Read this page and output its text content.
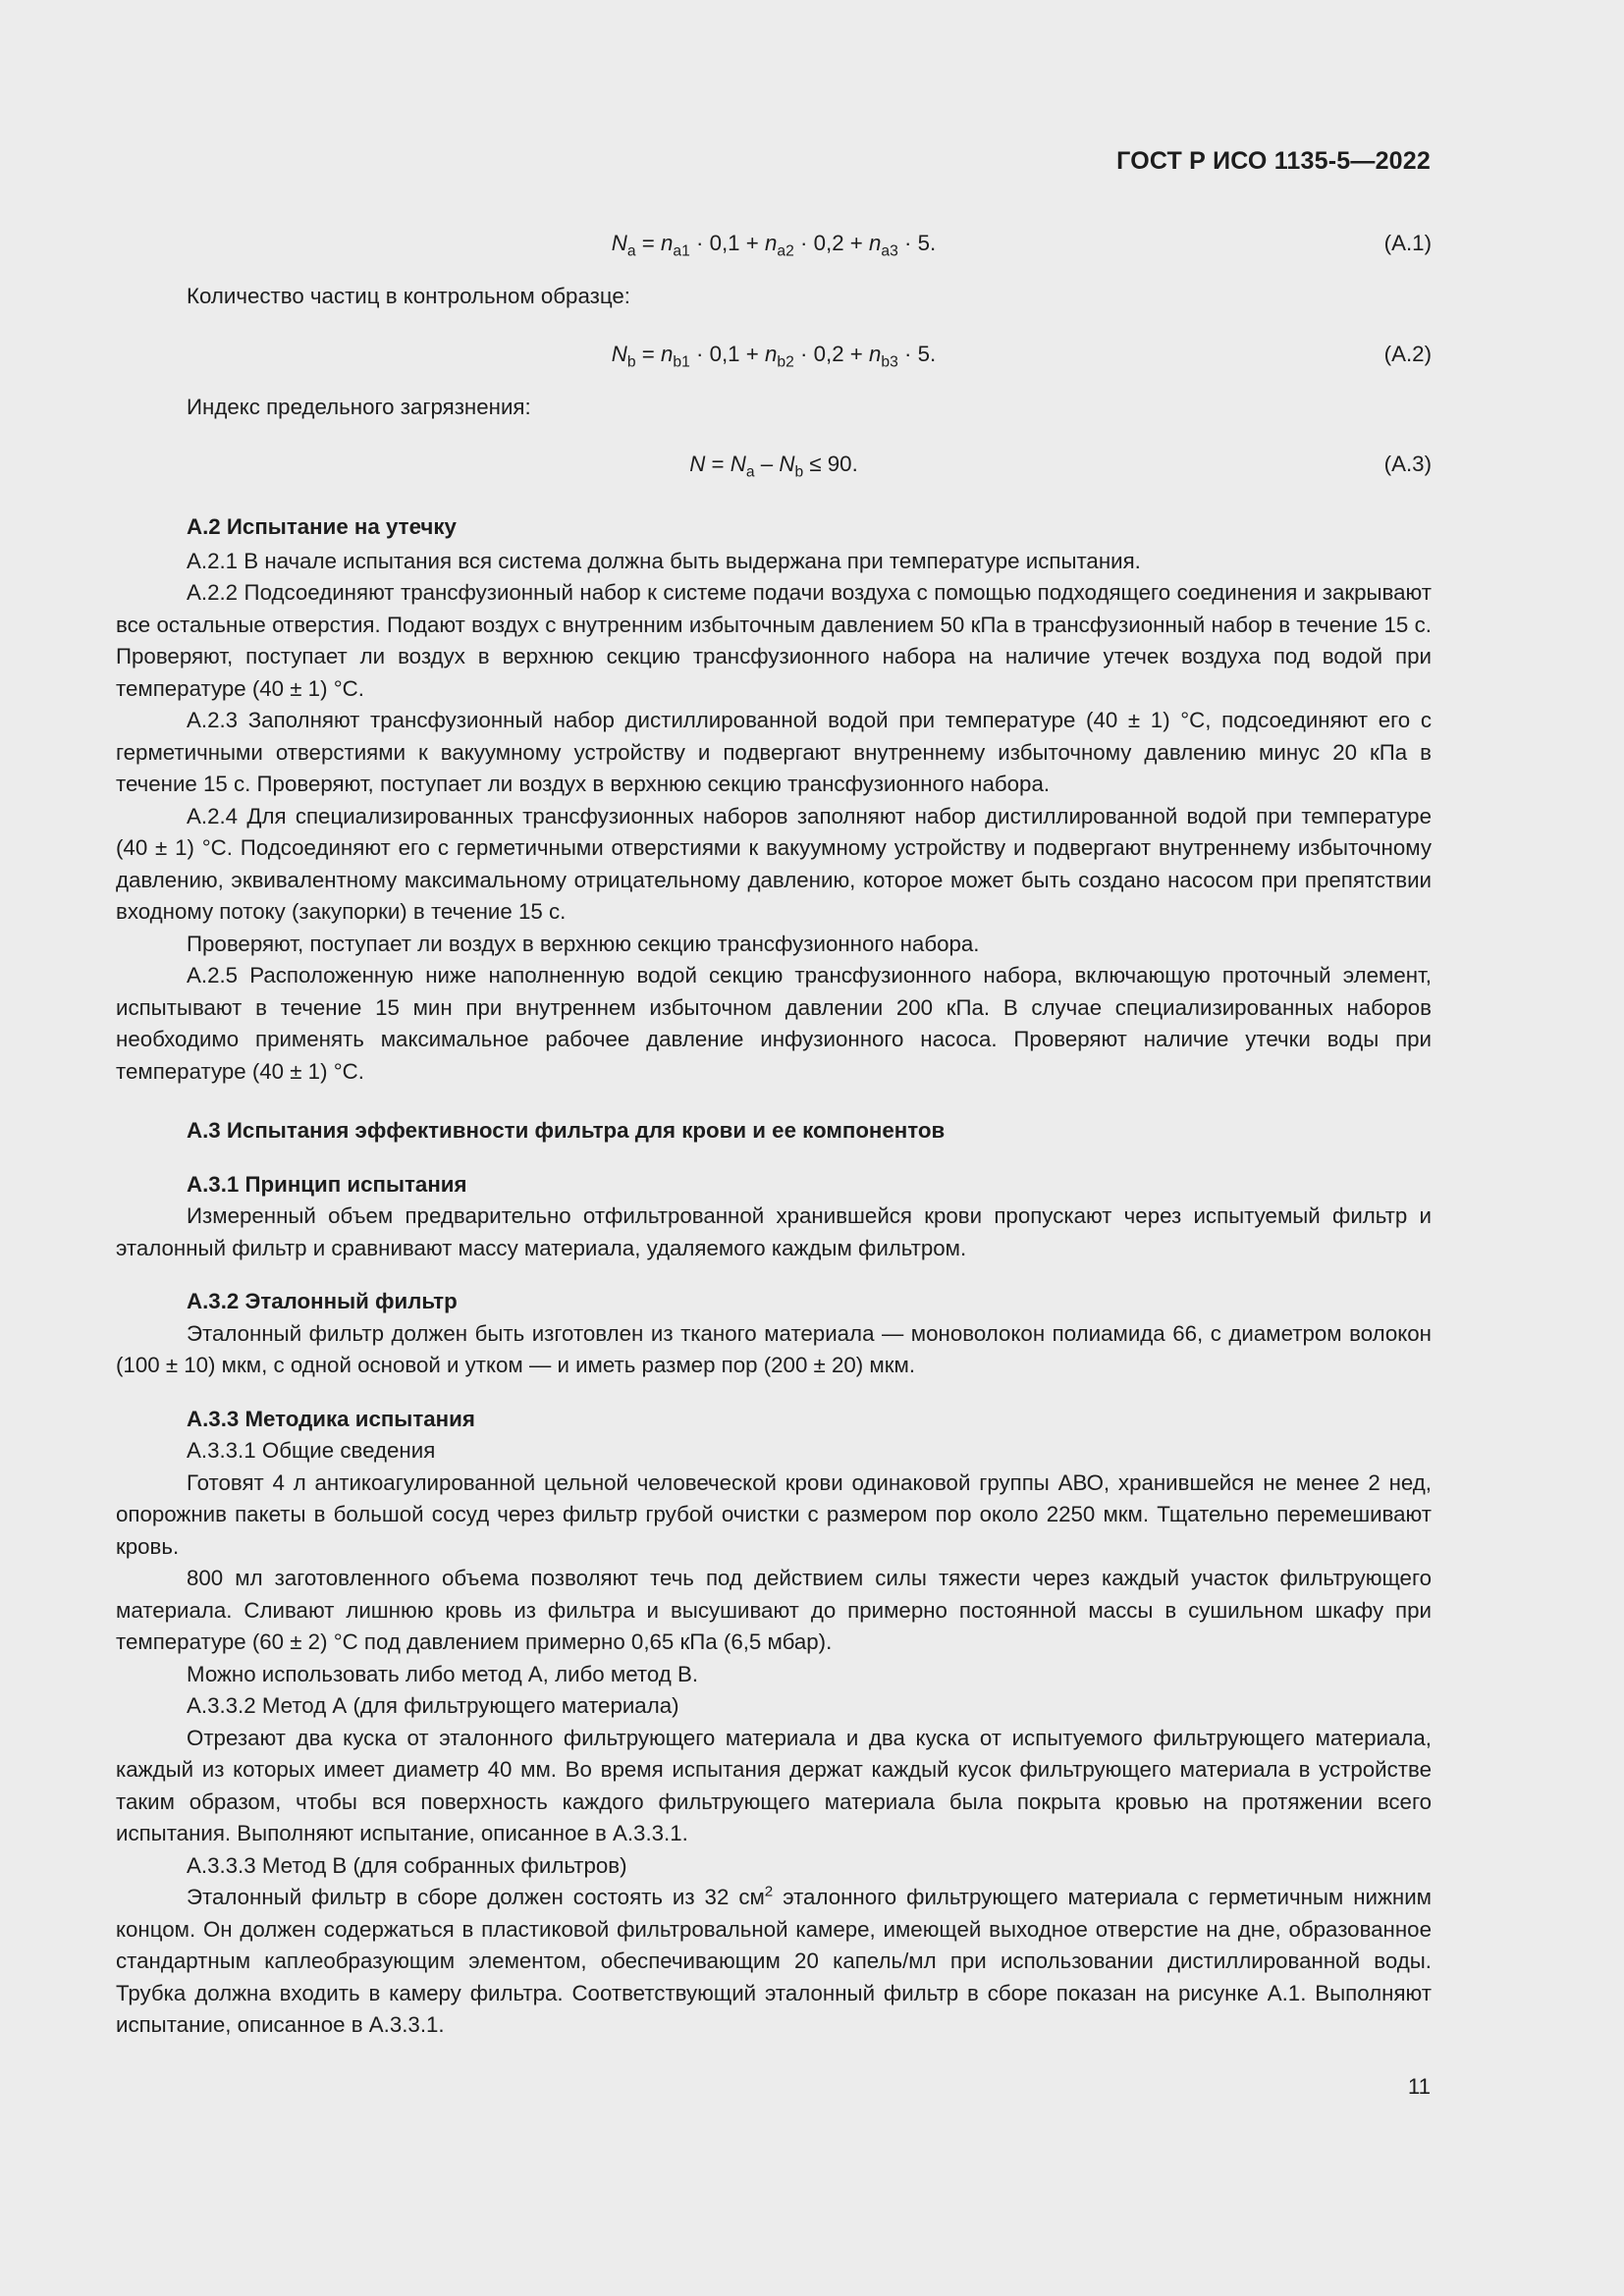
ГОСТ Р ИСО 1135-5—2022
$N_a = n_{a1} \cdot 0,1 + n_{a2} \cdot 0,2 + n_{a3} \cdot 5$.	(A.1)

Количество частиц в контрольном образце:

$N_b = n_{b1} \cdot 0,1 + n_{b2} \cdot 0,2 + n_{b3} \cdot 5$.	(A.2)

Индекс предельного загрязнения:

$N = N_a - N_b \le 90$.	(A.3)

A.2 Испытание на утечку

А.2.1 В начале испытания вся система должна быть выдержана при температуре испытания.

А.2.2 Подсоединяют трансфузионный набор к системе подачи воздуха с помощью подходящего соединения и закрывают все остальные отверстия. Подают воздух с внутренним избыточным давлением 50 кПа в трансфузионный набор в течение 15 с. Проверяют, поступает ли воздух в верхнюю секцию трансфузионного набора на наличие утечек воздуха под водой при температуре (40 ± 1) °C.

А.2.3 Заполняют трансфузионный набор дистиллированной водой при температуре (40 ± 1) °C, подсоединяют его с герметичными отверстиями к вакуумному устройству и подвергают внутреннему избыточному давлению минус 20 кПа в течение 15 с. Проверяют, поступает ли воздух в верхнюю секцию трансфузионного набора.

А.2.4 Для специализированных трансфузионных наборов заполняют набор дистиллированной водой при температуре (40 ± 1) °C. Подсоединяют его с герметичными отверстиями к вакуумному устройству и подвергают внутреннему избыточному давлению, эквивалентному максимальному отрицательному давлению, которое может быть создано насосом при препятствии входному потоку (закупорки) в течение 15 с.

Проверяют, поступает ли воздух в верхнюю секцию трансфузионного набора.

А.2.5 Расположенную ниже наполненную водой секцию трансфузионного набора, включающую проточный элемент, испытывают в течение 15 мин при внутреннем избыточном давлении 200 кПа. В случае специализированных наборов необходимо применять максимальное рабочее давление инфузионного насоса. Проверяют наличие утечки воды при температуре (40 ± 1) °C.

A.3 Испытания эффективности фильтра для крови и ее компонентов

А.3.1 Принцип испытания

Измеренный объем предварительно отфильтрованной хранившейся крови пропускают через испытуемый фильтр и эталонный фильтр и сравнивают массу материала, удаляемого каждым фильтром.

А.3.2 Эталонный фильтр

Эталонный фильтр должен быть изготовлен из тканого материала — моноволокон полиамида 66, с диаметром волокон (100 ± 10) мкм, с одной основой и утком — и иметь размер пор (200 ± 20) мкм.

А.3.3 Методика испытания

А.3.3.1 Общие сведения

Готовят 4 л антикоагулированной цельной человеческой крови одинаковой группы АВО, хранившейся не менее 2 нед, опорожнив пакеты в большой сосуд через фильтр грубой очистки с размером пор около 2250 мкм. Тщательно перемешивают кровь.

800 мл заготовленного объема позволяют течь под действием силы тяжести через каждый участок фильтрующего материала. Сливают лишнюю кровь из фильтра и высушивают до примерно постоянной массы в сушильном шкафу при температуре (60 ± 2) °C под давлением примерно 0,65 кПа (6,5 мбар).

Можно использовать либо метод А, либо метод В.

А.3.3.2 Метод А (для фильтрующего материала)

Отрезают два куска от эталонного фильтрующего материала и два куска от испытуемого фильтрующего материала, каждый из которых имеет диаметр 40 мм. Во время испытания держат каждый кусок фильтрующего материала в устройстве таким образом, чтобы вся поверхность каждого фильтрующего материала была покрыта кровью на протяжении всего испытания. Выполняют испытание, описанное в А.3.3.1.

А.3.3.3 Метод В (для собранных фильтров)

Эталонный фильтр в сборе должен состоять из 32 $см^2$ эталонного фильтрующего материала с герметичным нижним концом. Он должен содержаться в пластиковой фильтровальной камере, имеющей выходное отверстие на дне, образованное стандартным каплеобразующим элементом, обеспечивающим 20 капель/мл при использовании дистиллированной воды. Трубка должна входить в камеру фильтра. Соответствующий эталонный фильтр в сборе показан на рисунке А.1. Выполняют испытание, описанное в А.3.3.1.

11
